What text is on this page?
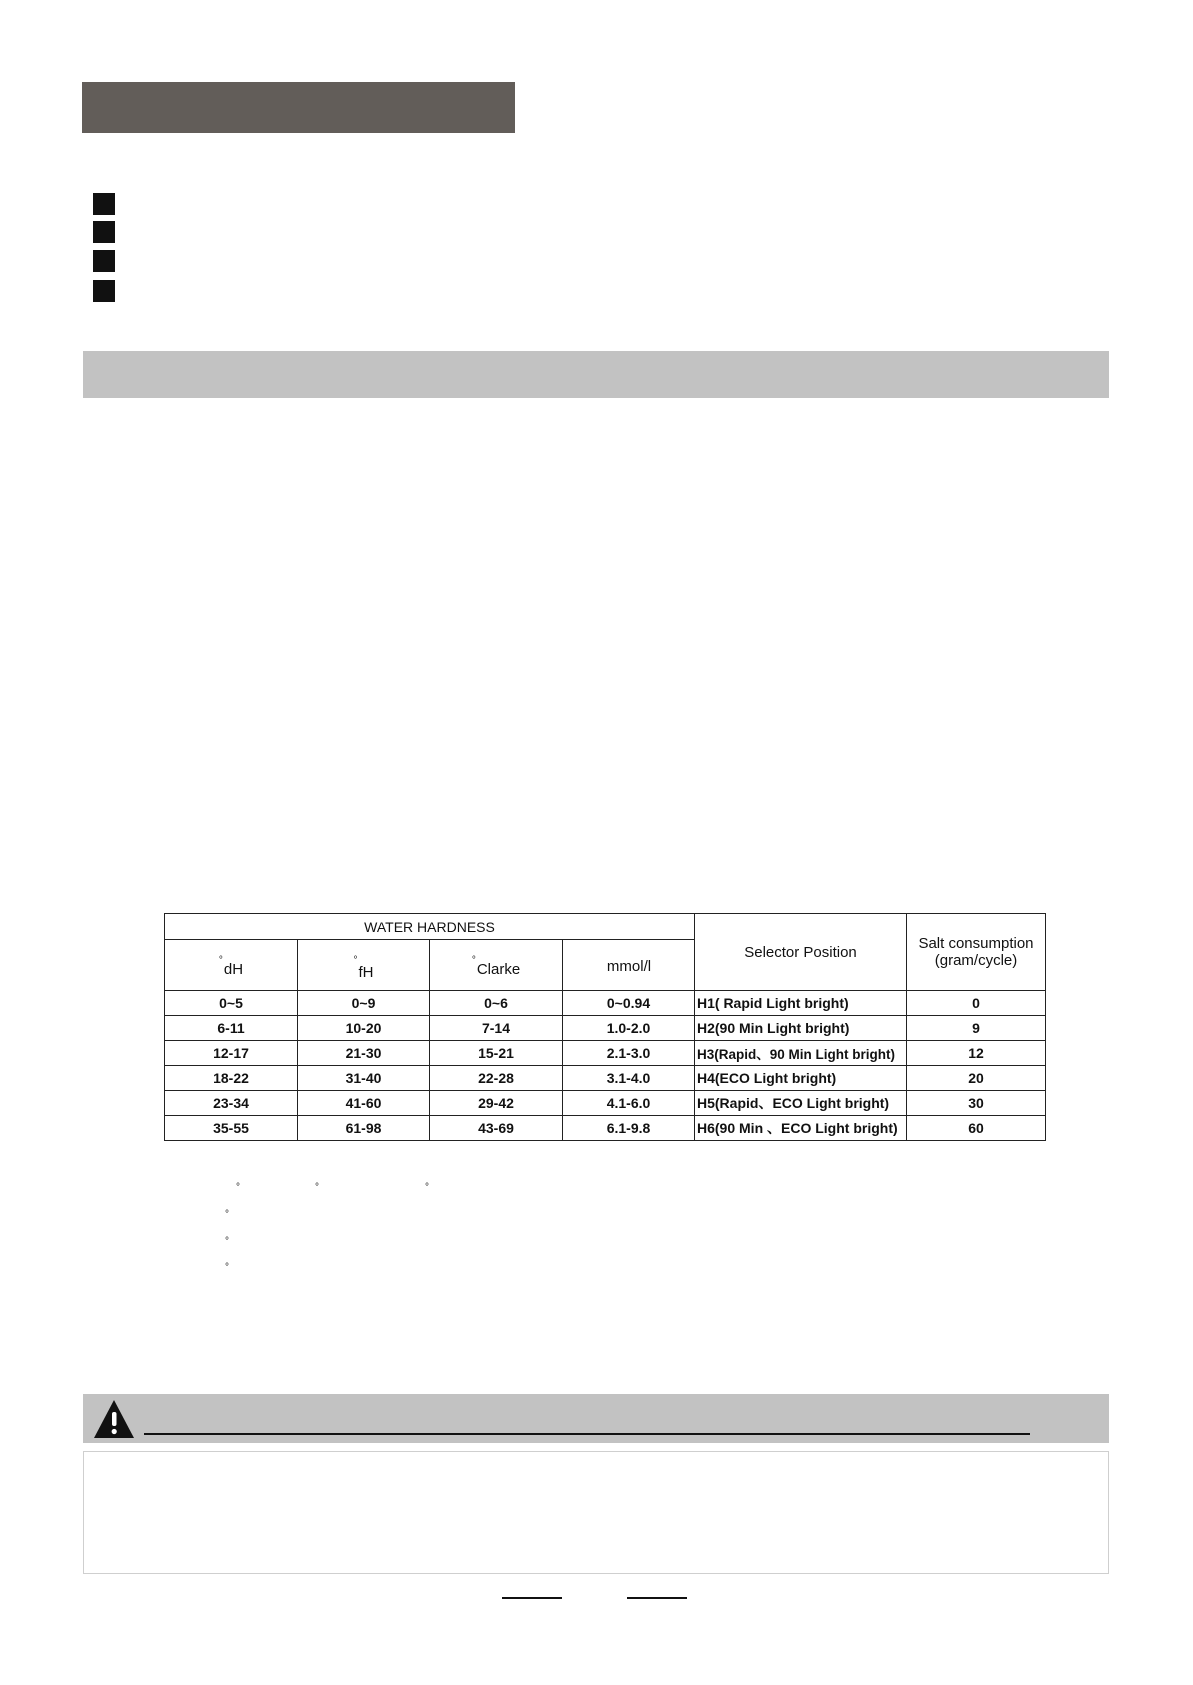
WATER HARDNESS				Selector Position	Salt consumption
(gram/cycle)

°dH	°fH	°Clarke	mmol/l		
0~5	0~9	0~6	0~0.94	H1( Rapid Light bright)	0
6-11	10-20	7-14	1.0-2.0	H2(90 Min Light bright)	9
12-17	21-30	15-21	2.1-3.0	H3(Rapid、90 Min Light bright)	12
18-22	31-40	22-28	3.1-4.0	H4(ECO Light bright)	20
23-34	41-60	29-42	4.1-6.0	H5(Rapid、ECO Light bright)	30
35-55	61-98	43-69	6.1-9.8	H6(90 Min 、ECO Light bright)	60
°	°	°
°
°
°
